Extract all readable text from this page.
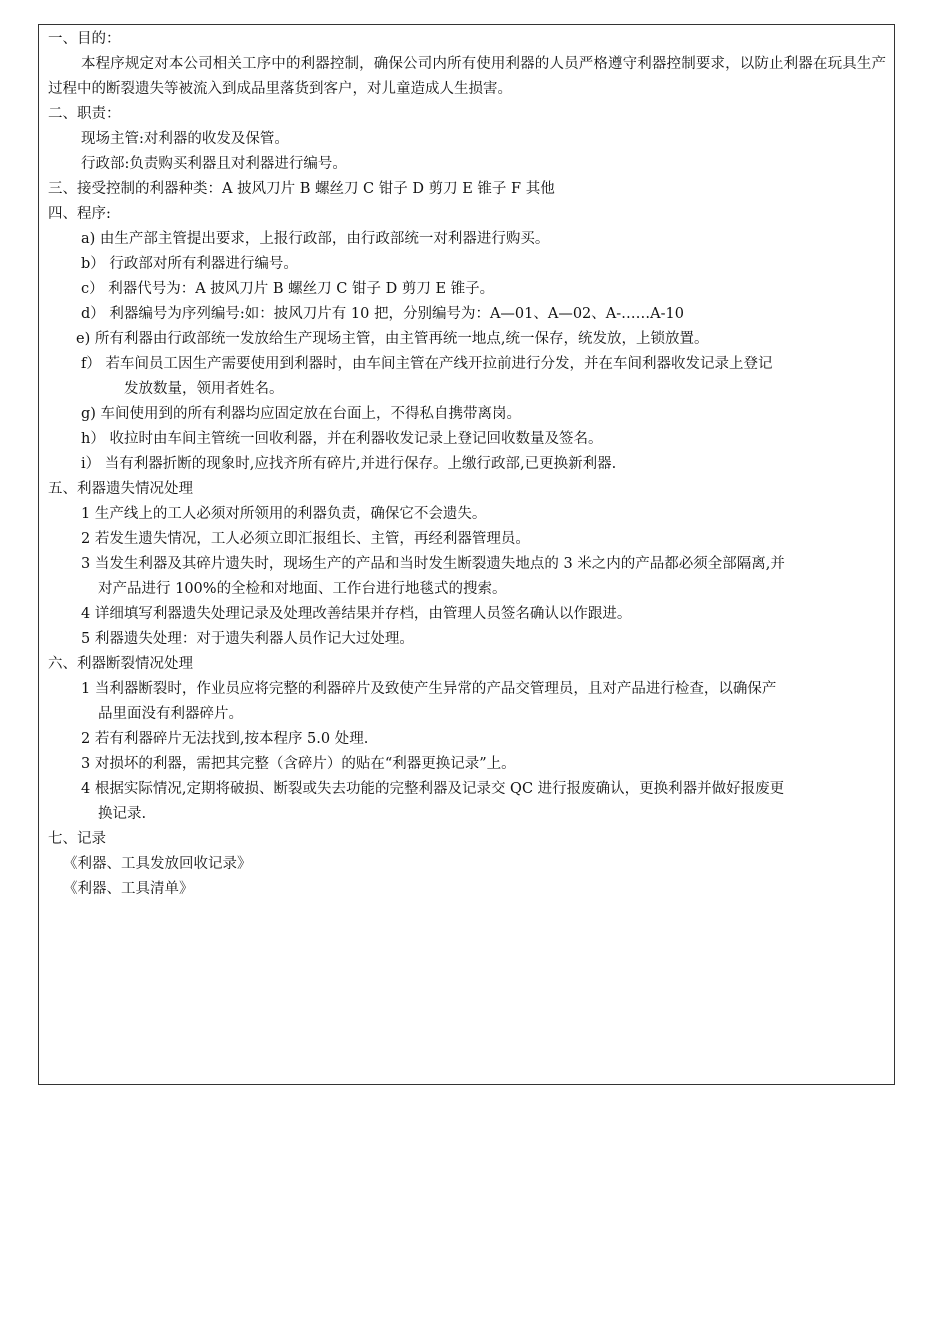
一、目的：
本程序规定对本公司相关工序中的利器控制，确保公司内所有使用利器的人员严格遵守利器控制要求，以防止利器在玩具生产过程中的断裂遗失等被流入到成品里落货到客户，对儿童造成人生损害。
二、职责：
现场主管:对利器的收发及保管。
行政部:负责购买利器且对利器进行编号。
三、接受控制的利器种类：A 披风刀片 B 螺丝刀 C 钳子 D 剪刀 E 锥子 F 其他
四、程序:
a) 由生产部主管提出要求，上报行政部，由行政部统一对利器进行购买。
b） 行政部对所有利器进行编号。
c） 利器代号为：A 披风刀片 B 螺丝刀 C 钳子 D 剪刀 E 锥子。
d） 利器编号为序列编号:如：披风刀片有 10 把，分别编号为：A—01、A—02、A-……A-10
e) 所有利器由行政部统一发放给生产现场主管，由主管再统一地点,统一保存，统发放，上锁放置。
f） 若车间员工因生产需要使用到利器时，由车间主管在产线开拉前进行分发，并在车间利器收发记录上登记
发放数量，领用者姓名。
g) 车间使用到的所有利器均应固定放在台面上，不得私自携带离岗。
h） 收拉时由车间主管统一回收利器，并在利器收发记录上登记回收数量及签名。
i） 当有利器折断的现象时,应找齐所有碎片,并进行保存。上缴行政部,已更换新利器.
五、利器遗失情况处理
1 生产线上的工人必须对所领用的利器负责，确保它不会遗失。
2 若发生遗失情况，工人必须立即汇报组长、主管，再经利器管理员。
3 当发生利器及其碎片遗失时，现场生产的产品和当时发生断裂遗失地点的 3 米之内的产品都必须全部隔离,并
对产品进行 100%的全检和对地面、工作台进行地毯式的搜索。
4 详细填写利器遗失处理记录及处理改善结果并存档，由管理人员签名确认以作跟进。
5 利器遗失处理：对于遗失利器人员作记大过处理。
六、利器断裂情况处理
1 当利器断裂时，作业员应将完整的利器碎片及致使产生异常的产品交管理员，且对产品进行检查，以确保产
品里面没有利器碎片。
2 若有利器碎片无法找到,按本程序 5.0 处理.
3 对损坏的利器，需把其完整（含碎片）的贴在“利器更换记录”上。
4 根据实际情况,定期将破损、断裂或失去功能的完整利器及记录交 QC 进行报废确认，更换利器并做好报废更
换记录.
七、记录
《利器、工具发放回收记录》
《利器、工具清单》
